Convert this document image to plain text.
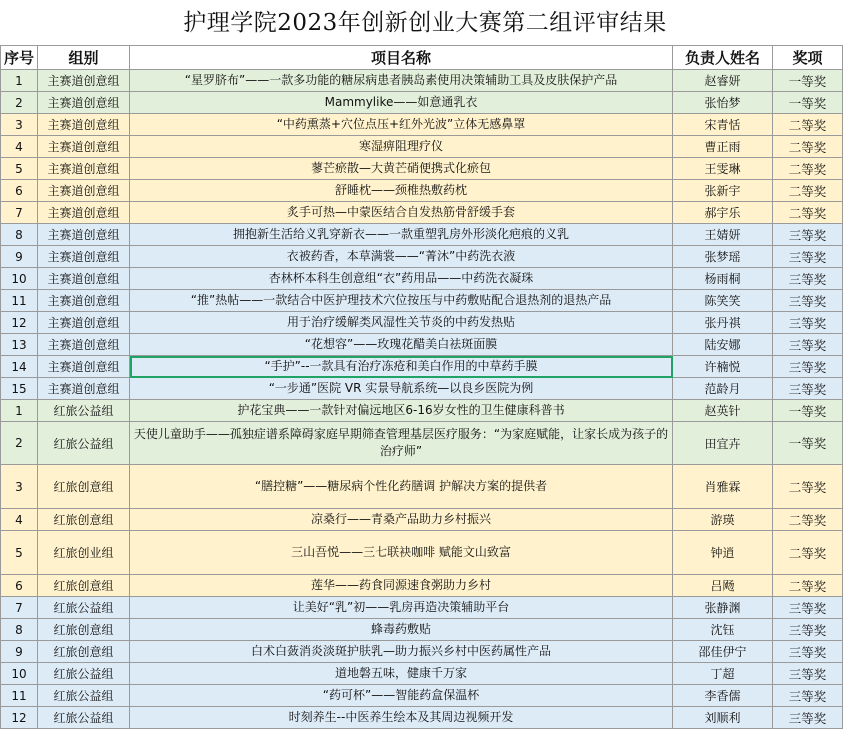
护理学院2023年创新创业大赛第二组评审结果
序号	组别	项目名称	负责人姓名	奖项
1	主赛道创意组	“星罗脐布”——一款多功能的糖尿病患者胰岛素使用决策辅助工具及皮肤保护产品	赵睿妍	一等奖
2	主赛道创意组	Mammylike——如意通乳衣	张怡梦	一等奖
3	主赛道创意组	“中药熏蒸+穴位点压+红外光波”立体无感鼻罩	宋青恬	二等奖
4	主赛道创意组	寒湿痹阻理疗仪	曹正雨	二等奖
5	主赛道创意组	蓼芒瘀散—大黄芒硝便携式化瘀包	王雯琳	二等奖
6	主赛道创意组	舒睡枕——颈椎热敷药枕	张新宇	二等奖
7	主赛道创意组	炙手可热—中蒙医结合自发热筋骨舒缓手套	郝宇乐	二等奖
8	主赛道创意组	拥抱新生活给义乳穿新衣——一款重塑乳房外形淡化疤痕的义乳	王婧妍	三等奖
9	主赛道创意组	衣被药香，本草满裳——“菁沐”中药洗衣液	张梦瑶	三等奖
10	主赛道创意组	杏林杯本科生创意组“衣”药用品——中药洗衣凝珠	杨雨桐	三等奖
11	主赛道创意组	“推”热帖——一款结合中医护理技术穴位按压与中药敷贴配合退热剂的退热产品	陈笑笑	三等奖
12	主赛道创意组	用于治疗缓解类风湿性关节炎的中药发热贴	张丹祺	三等奖
13	主赛道创意组	“花想容”——玫瑰花醋美白祛斑面膜	陆安娜	三等奖
14	主赛道创意组	“手护”--一款具有治疗冻疮和美白作用的中草药手膜	许楠悦	三等奖
15	主赛道创意组	“一步通”医院 VR 实景导航系统—以良乡医院为例	范龄月	三等奖
1	红旅公益组	护花宝典——一款针对偏远地区6-16岁女性的卫生健康科普书	赵英针	一等奖
2	红旅公益组	天使儿童助手——孤独症谱系障碍家庭早期筛查管理基层医疗服务：“为家庭赋能，让家长成为孩子的治疗师”	田宜卉	一等奖
3	红旅创意组	“膳控糖”——糖尿病个性化药膳调 护解决方案的提供者	肖雅霖	二等奖
4	红旅创意组	凉桑行——青桑产品助力乡村振兴	游瑛	二等奖
5	红旅创业组	三山吾悦——三七联袂咖啡 赋能文山致富	钟逍	二等奖
6	红旅创意组	莲华——药食同源速食粥助力乡村	吕飏	二等奖
7	红旅公益组	让美好“乳”初——乳房再造决策辅助平台	张静渊	三等奖
8	红旅创意组	蜂毒药敷贴	沈钰	三等奖
9	红旅创意组	白术白蔹消炎淡斑护肤乳—助力振兴乡村中医药属性产品	邵佳伊宁	三等奖
10	红旅公益组	道地磐五味，健康千万家	丁超	三等奖
11	红旅公益组	“药可杯”——智能药盒保温杯	李香儒	三等奖
12	红旅公益组	时刻养生--中医养生绘本及其周边视频开发	刘顺利	三等奖
